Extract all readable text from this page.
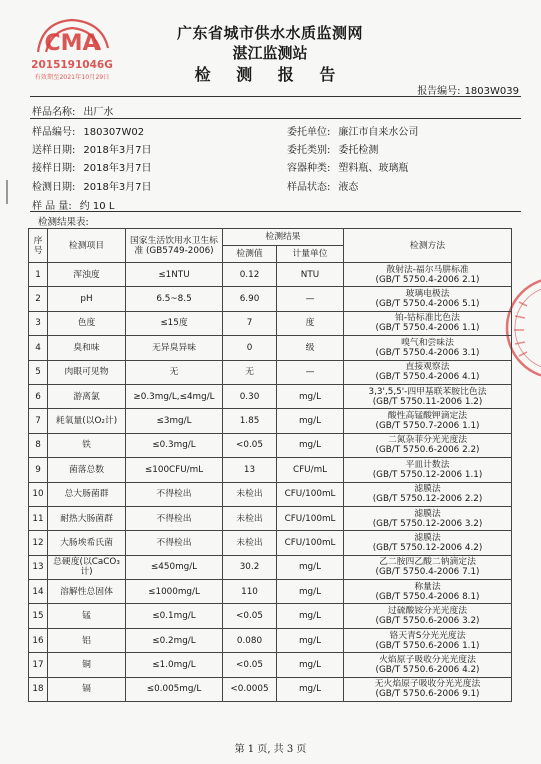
CMA
2015191046G
有效期至2021年10月29日
广东省城市供水水质监测网
湛江监测站
检 测 报 告
报告编号: 1803W039
样品名称: 出厂水
样品编号: 180307W02	委托单位: 廉江市自来水公司
送样日期: 2018年3月7日	委托类别: 委托检测
接样日期: 2018年3月7日	容器种类: 塑料瓶、玻璃瓶
检测日期: 2018年3月7日	样品状态: 液态
样 品 量: 约 10 L
检测结果表:
序号	检测项目	国家生活饮用水卫生标准 (GB5749-2006)	检测结果		检测方法
			检测值	计量单位	
1	浑浊度	≤1NTU	0.12	NTU	散射法-福尔马肼标准
(GB/T 5750.4-2006 2.1)

2	pH	6.5~8.5	6.90	—	玻璃电极法
(GB/T 5750.4-2006 5.1)

3	色度	≤15度	7	度	铂-钴标准比色法
(GB/T 5750.4-2006 1.1)

4	臭和味	无异臭异味	0	级	嗅气和尝味法
(GB/T 5750.4-2006 3.1)

5	肉眼可见物	无	无	—	直接观察法
(GB/T 5750.4-2006 4.1)

6	游离氯	≥0.3mg/L,≤4mg/L	0.30	mg/L	3,3',5,5'-四甲基联苯胺比色法
(GB/T 5750.11-2006 1.2)

7	耗氧量(以O₂计)	≤3mg/L	1.85	mg/L	酸性高锰酸钾滴定法
(GB/T 5750.7-2006 1.1)

8	铁	≤0.3mg/L	<0.05	mg/L	二氮杂菲分光光度法
(GB/T 5750.6-2006 2.2)

9	菌落总数	≤100CFU/mL	13	CFU/mL	平皿计数法
(GB/T 5750.12-2006 1.1)

10	总大肠菌群	不得检出	未检出	CFU/100mL	滤膜法
(GB/T 5750.12-2006 2.2)

11	耐热大肠菌群	不得检出	未检出	CFU/100mL	滤膜法
(GB/T 5750.12-2006 3.2)

12	大肠埃希氏菌	不得检出	未检出	CFU/100mL	滤膜法
(GB/T 5750.12-2006 4.2)

13	总硬度(以CaCO₃计)	≤450mg/L	30.2	mg/L	乙二胺四乙酸二钠滴定法
(GB/T 5750.4-2006 7.1)

14	溶解性总固体	≤1000mg/L	110	mg/L	称量法
(GB/T 5750.4-2006 8.1)

15	锰	≤0.1mg/L	<0.05	mg/L	过硫酸铵分光光度法
(GB/T 5750.6-2006 3.2)

16	铝	≤0.2mg/L	0.080	mg/L	铬天青S分光光度法
(GB/T 5750.6-2006 1.1)

17	铜	≤1.0mg/L	<0.05	mg/L	火焰原子吸收分光光度法
(GB/T 5750.6-2006 4.2)

18	镉	≤0.005mg/L	<0.0005	mg/L	无火焰原子吸收分光光度法
(GB/T 5750.6-2006 9.1)
第 1 页, 共 3 页
